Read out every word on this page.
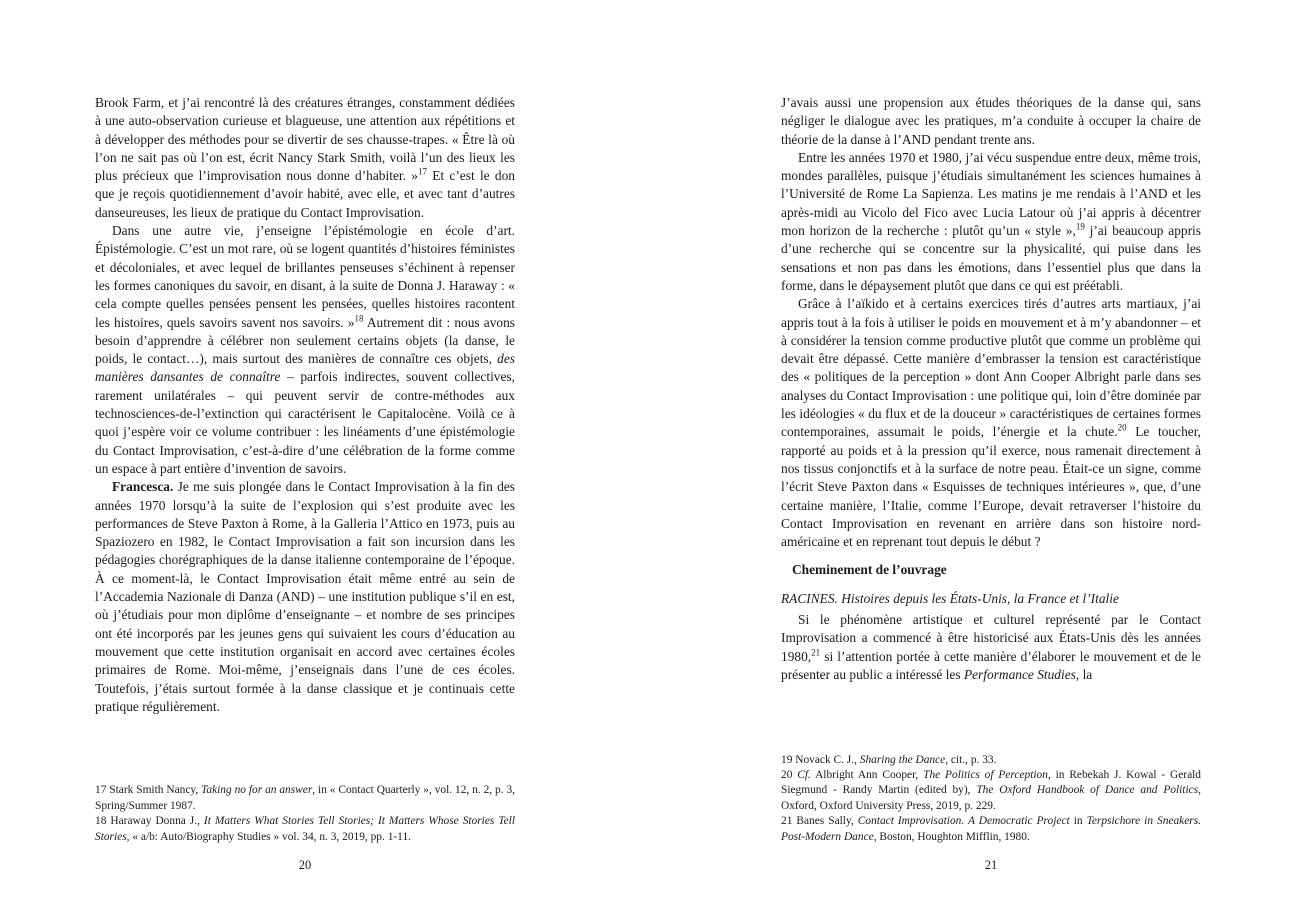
Brook Farm, et j’ai rencontré là des créatures étranges, constamment dédiées à une auto-observation curieuse et blagueuse, une attention aux répétitions et à développer des méthodes pour se divertir de ses chausse-trapes. « Être là où l’on ne sait pas où l’on est, écrit Nancy Stark Smith, voilà l’un des lieux les plus précieux que l’improvisation nous donne d’habiter. »$^{17}$ Et c’est le don que je reçois quotidiennement d’avoir habité, avec elle, et avec tant d’autres danseureuses, les lieux de pratique du Contact Improvisation.

Dans une autre vie, j’enseigne l’épistémologie en école d’art. Épistémologie. C’est un mot rare, où se logent quantités d’histoires féministes et décoloniales, et avec lequel de brillantes penseuses s’échinent à repenser les formes canoniques du savoir, en disant, à la suite de Donna J. Haraway : « cela compte quelles pensées pensent les pensées, quelles histoires racontent les histoires, quels savoirs savent nos savoirs. »$^{18}$ Autrement dit : nous avons besoin d’apprendre à célébrer non seulement certains objets (la danse, le poids, le contact…), mais surtout des manières de connaître ces objets, des manières dansantes de connaître – parfois indirectes, souvent collectives, rarement unilatérales – qui peuvent servir de contre-méthodes aux technosciences-de-l’extinction qui caractérisent le Capitalocène. Voilà ce à quoi j’espère voir ce volume contribuer : les linéaments d’une épistémologie du Contact Improvisation, c’est-à-dire d’une célébration de la forme comme un espace à part entière d’invention de savoirs.

Francesca. Je me suis plongée dans le Contact Improvisation à la fin des années 1970 lorsqu’à la suite de l’explosion qui s’est produite avec les performances de Steve Paxton à Rome, à la Galleria l’Attico en 1973, puis au Spaziozero en 1982, le Contact Improvisation a fait son incursion dans les pédagogies chorégraphiques de la danse italienne contemporaine de l’époque. À ce moment-là, le Contact Improvisation était même entré au sein de l’Accademia Nazionale di Danza (AND) – une institution publique s’il en est, où j’étudiais pour mon diplôme d’enseignante – et nombre de ses principes ont été incorporés par les jeunes gens qui suivaient les cours d’éducation au mouvement que cette institution organisait en accord avec certaines écoles primaires de Rome. Moi-même, j’enseignais dans l’une de ces écoles. Toutefois, j’étais surtout formée à la danse classique et je continuais cette pratique régulièrement.

17 Stark Smith Nancy, Taking no for an answer, in « Contact Quarterly », vol. 12, n. 2, p. 3, Spring/Summer 1987.

18 Haraway Donna J., It Matters What Stories Tell Stories; It Matters Whose Stories Tell Stories, « a/b: Auto/Biography Studies » vol. 34, n. 3, 2019, pp. 1-11.

20

J’avais aussi une propension aux études théoriques de la danse qui, sans négliger le dialogue avec les pratiques, m’a conduite à occuper la chaire de théorie de la danse à l’AND pendant trente ans.

Entre les années 1970 et 1980, j’ai vécu suspendue entre deux, même trois, mondes parallèles, puisque j’étudiais simultanément les sciences humaines à l’Université de Rome La Sapienza. Les matins je me rendais à l’AND et les après-midi au Vicolo del Fico avec Lucia Latour où j’ai appris à décentrer mon horizon de la recherche : plutôt qu’un « style »,$^{19}$ j’ai beaucoup appris d’une recherche qui se concentre sur la physicalité, qui puise dans les sensations et non pas dans les émotions, dans l’essentiel plus que dans la forme, dans le dépaysement plutôt que dans ce qui est préétabli.

Grâce à l’aïkido et à certains exercices tirés d’autres arts martiaux, j’ai appris tout à la fois à utiliser le poids en mouvement et à m’y abandonner – et à considérer la tension comme productive plutôt que comme un problème qui devait être dépassé. Cette manière d’embrasser la tension est caractéristique des « politiques de la perception » dont Ann Cooper Albright parle dans ses analyses du Contact Improvisation : une politique qui, loin d’être dominée par les idéologies « du flux et de la douceur » caractéristiques de certaines formes contemporaines, assumait le poids, l’énergie et la chute.$^{20}$ Le toucher, rapporté au poids et à la pression qu’il exerce, nous ramenait directement à nos tissus conjonctifs et à la surface de notre peau. Était-ce un signe, comme l’écrit Steve Paxton dans « Esquisses de techniques intérieures », que, d’une certaine manière, l’Italie, comme l’Europe, devait retraverser l’histoire du Contact Improvisation en revenant en arrière dans son histoire nord-américaine et en reprenant tout depuis le début ?

Cheminement de l’ouvrage

RACINES. Histoires depuis les États-Unis, la France et l’Italie

Si le phénomène artistique et culturel représenté par le Contact Improvisation a commencé à être historicisé aux États-Unis dès les années 1980,21 si l’attention portée à cette manière d’élaborer le mouvement et de le présenter au public a intéressé les Performance Studies, la

19 Novack C. J., Sharing the Dance, cit., p. 33.

20 Cf. Albright Ann Cooper, The Politics of Perception, in Rebekah J. Kowal - Gerald Siegmund - Randy Martin (edited by), The Oxford Handbook of Dance and Politics, Oxford, Oxford University Press, 2019, p. 229.

21 Banes Sally, Contact Improvisation. A Democratic Project in Terpsichore in Sneakers. Post-Modern Dance, Boston, Houghton Mifflin, 1980.

21
